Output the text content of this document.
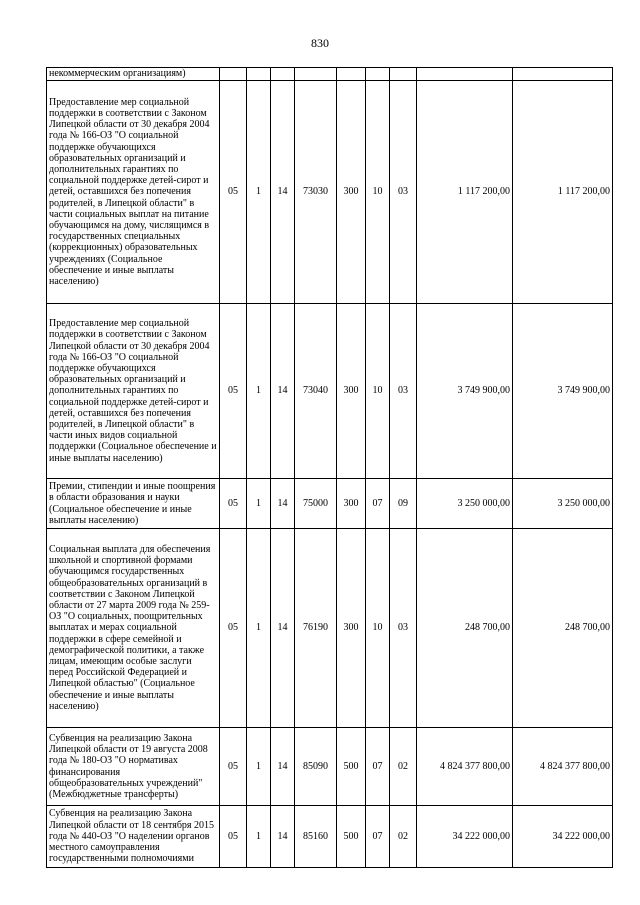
830
некоммерческим организациям)									
Предоставление мер социальной поддержки в соответствии с Законом Липецкой области от 30 декабря 2004 года № 166-ОЗ "О социальной поддержке обучающихся образовательных организаций и дополнительных гарантиях по социальной поддержке детей-сирот и детей, оставшихся без попечения родителей, в Липецкой области" в части социальных выплат на питание обучающимся на дому, числящимся в государственных специальных (коррекционных) образовательных учреждениях (Социальное обеспечение и иные выплаты населению)	05	1	14	73030	300	10	03	1 117 200,00	1 117 200,00
Предоставление мер социальной поддержки в соответствии с Законом Липецкой области от 30 декабря 2004 года № 166-ОЗ "О социальной поддержке обучающихся образовательных организаций и дополнительных гарантиях по социальной поддержке детей-сирот и детей, оставшихся без попечения родителей, в Липецкой области" в части иных видов социальной поддержки (Социальное обеспечение и иные выплаты населению)	05	1	14	73040	300	10	03	3 749 900,00	3 749 900,00
Премии, стипендии и иные поощрения в области образования и науки (Социальное обеспечение и иные выплаты населению)	05	1	14	75000	300	07	09	3 250 000,00	3 250 000,00
Социальная выплата для обеспечения школьной и спортивной формами обучающимся государственных общеобразовательных организаций в соответствии с Законом Липецкой области от 27 марта 2009 года № 259-ОЗ "О социальных, поощрительных выплатах и мерах социальной поддержки в сфере семейной и демографической политики, а также лицам, имеющим особые заслуги перед Российской Федерацией и Липецкой областью" (Социальное обеспечение и иные выплаты населению)	05	1	14	76190	300	10	03	248 700,00	248 700,00
Субвенция на реализацию Закона Липецкой области от 19 августа 2008 года № 180-ОЗ "О нормативах финансирования общеобразовательных учреждений" (Межбюджетные трансферты)	05	1	14	85090	500	07	02	4 824 377 800,00	4 824 377 800,00
Субвенция на реализацию Закона Липецкой области от 18 сентября 2015 года № 440-ОЗ "О наделении органов местного самоуправления государственными полномочиями	05	1	14	85160	500	07	02	34 222 000,00	34 222 000,00
